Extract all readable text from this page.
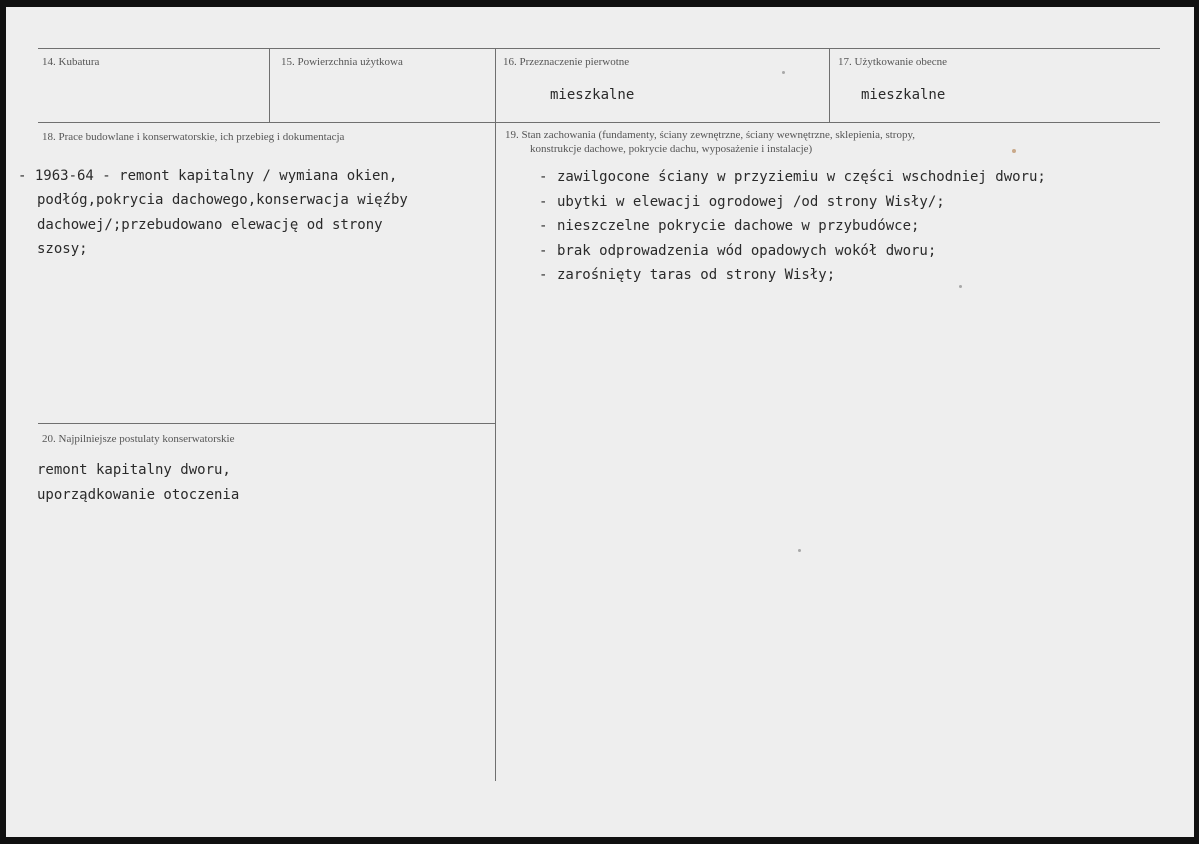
14. Kubatura	15. Powierzchnia użytkowa	16. Przeznaczenie pierwotne
mieszkalne
17. Użytkowanie obecne
mieszkalne
18. Prace budowlane i konserwatorskie, ich przebieg i dokumentacja
- 1963-64 - remont kapitalny / wymiana okien,
podłóg,pokrycia dachowego,konserwacja więźby
dachowej/;przebudowano elewację od strony
szosy;
19. Stan zachowania (fundamenty, ściany zewnętrzne, ściany wewnętrzne, sklepienia, stropy,
konstrukcje dachowe, pokrycie dachu, wyposażenie i instalacje)
- zawilgocone ściany w przyziemiu w części wschodniej dworu;
- ubytki w elewacji ogrodowej /od strony Wisły/;
- nieszczelne pokrycie dachowe w przybudówce;
- brak odprowadzenia wód opadowych wokół dworu;
- zarośnięty taras od strony Wisły;
20. Najpilniejsze postulaty konserwatorskie
remont kapitalny dworu,
uporządkowanie otoczenia
